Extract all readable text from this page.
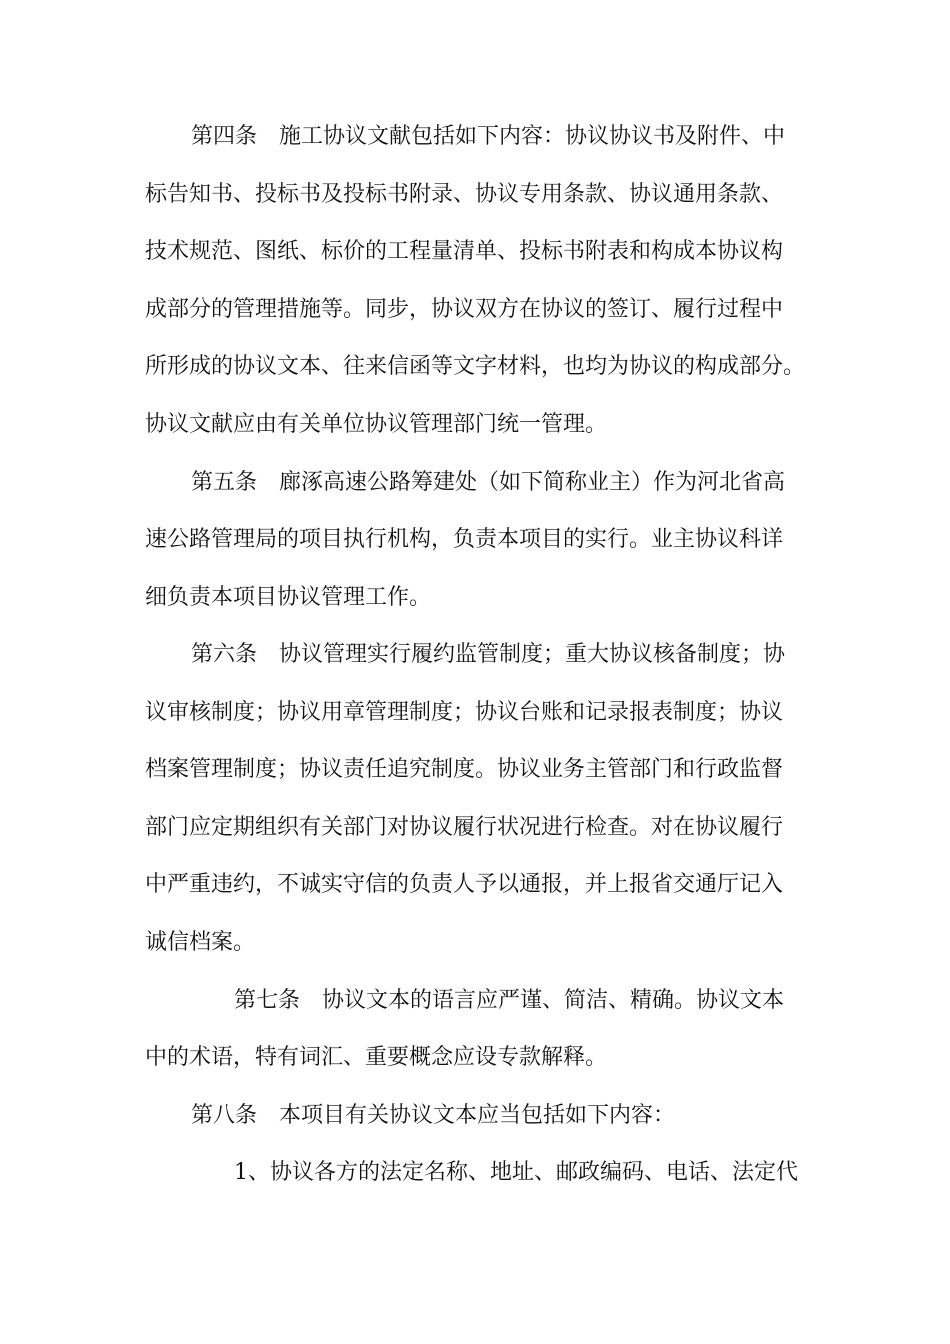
第四条　施工协议文献包括如下内容：协议协议书及附件、中
标告知书、投标书及投标书附录、协议专用条款、协议通用条款、
技术规范、图纸、标价的工程量清单、投标书附表和构成本协议构
成部分的管理措施等。同步，协议双方在协议的签订、履行过程中
所形成的协议文本、往来信函等文字材料，也均为协议的构成部分。
协议文献应由有关单位协议管理部门统一管理。
第五条　廊涿高速公路筹建处（如下简称业主）作为河北省高
速公路管理局的项目执行机构，负责本项目的实行。业主协议科详
细负责本项目协议管理工作。
第六条　协议管理实行履约监管制度；重大协议核备制度；协
议审核制度；协议用章管理制度；协议台账和记录报表制度；协议
档案管理制度；协议责任追究制度。协议业务主管部门和行政监督
部门应定期组织有关部门对协议履行状况进行检查。对在协议履行
中严重违约，不诚实守信的负责人予以通报，并上报省交通厅记入
诚信档案。
第七条　协议文本的语言应严谨、简洁、精确。协议文本
中的术语，特有词汇、重要概念应设专款解释。
第八条　本项目有关协议文本应当包括如下内容：
1、协议各方的法定名称、地址、邮政编码、电话、法定代
